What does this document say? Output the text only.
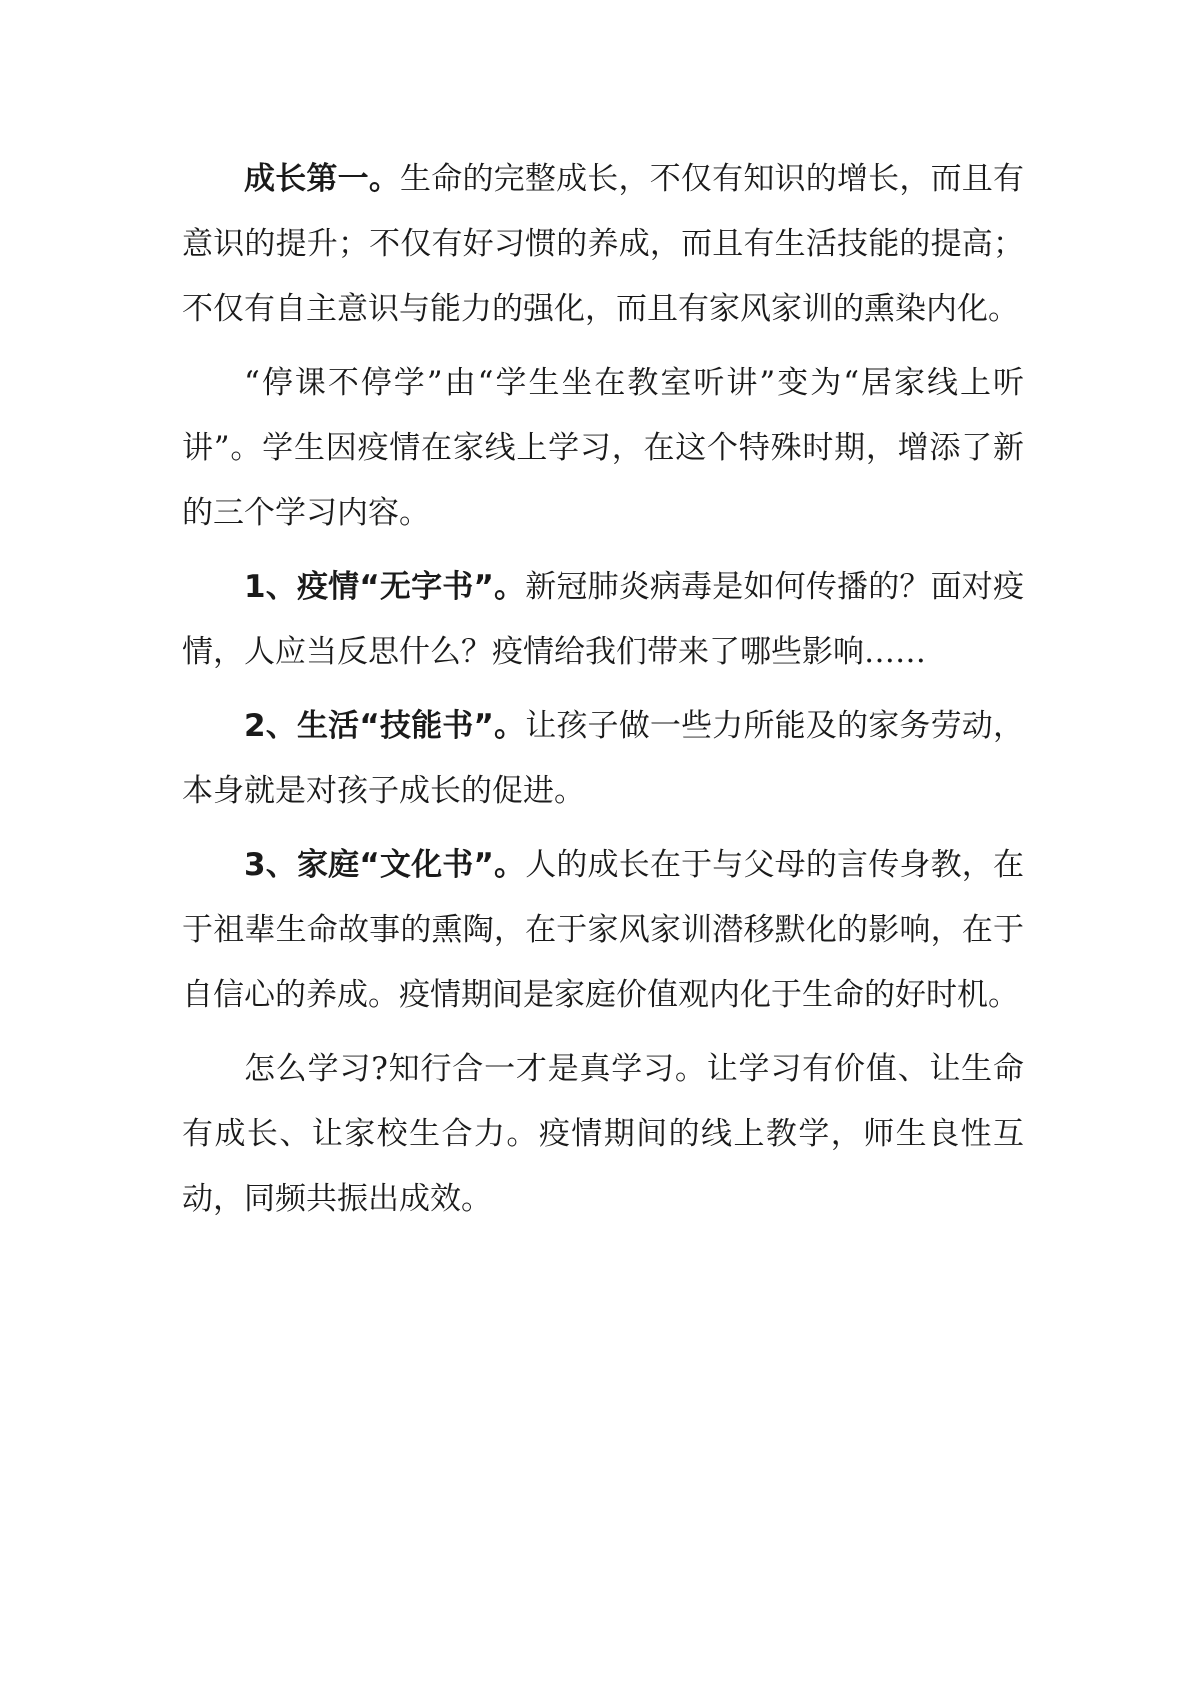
成长第一。生命的完整成长，不仅有知识的增长，而且有意识的提升；不仅有好习惯的养成，而且有生活技能的提高；不仅有自主意识与能力的强化，而且有家风家训的熏染内化。

“停课不停学”由“学生坐在教室听讲”变为“居家线上听讲”。学生因疫情在家线上学习，在这个特殊时期，增添了新的三个学习内容。

1、疫情“无字书”。新冠肺炎病毒是如何传播的？面对疫情，人应当反思什么？疫情给我们带来了哪些影响……

2、生活“技能书”。让孩子做一些力所能及的家务劳动，本身就是对孩子成长的促进。

3、家庭“文化书”。人的成长在于与父母的言传身教，在于祖辈生命故事的熏陶，在于家风家训潜移默化的影响，在于自信心的养成。疫情期间是家庭价值观内化于生命的好时机。

怎么学习?知行合一才是真学习。让学习有价值、让生命有成长、让家校生合力。疫情期间的线上教学，师生良性互动，同频共振出成效。
